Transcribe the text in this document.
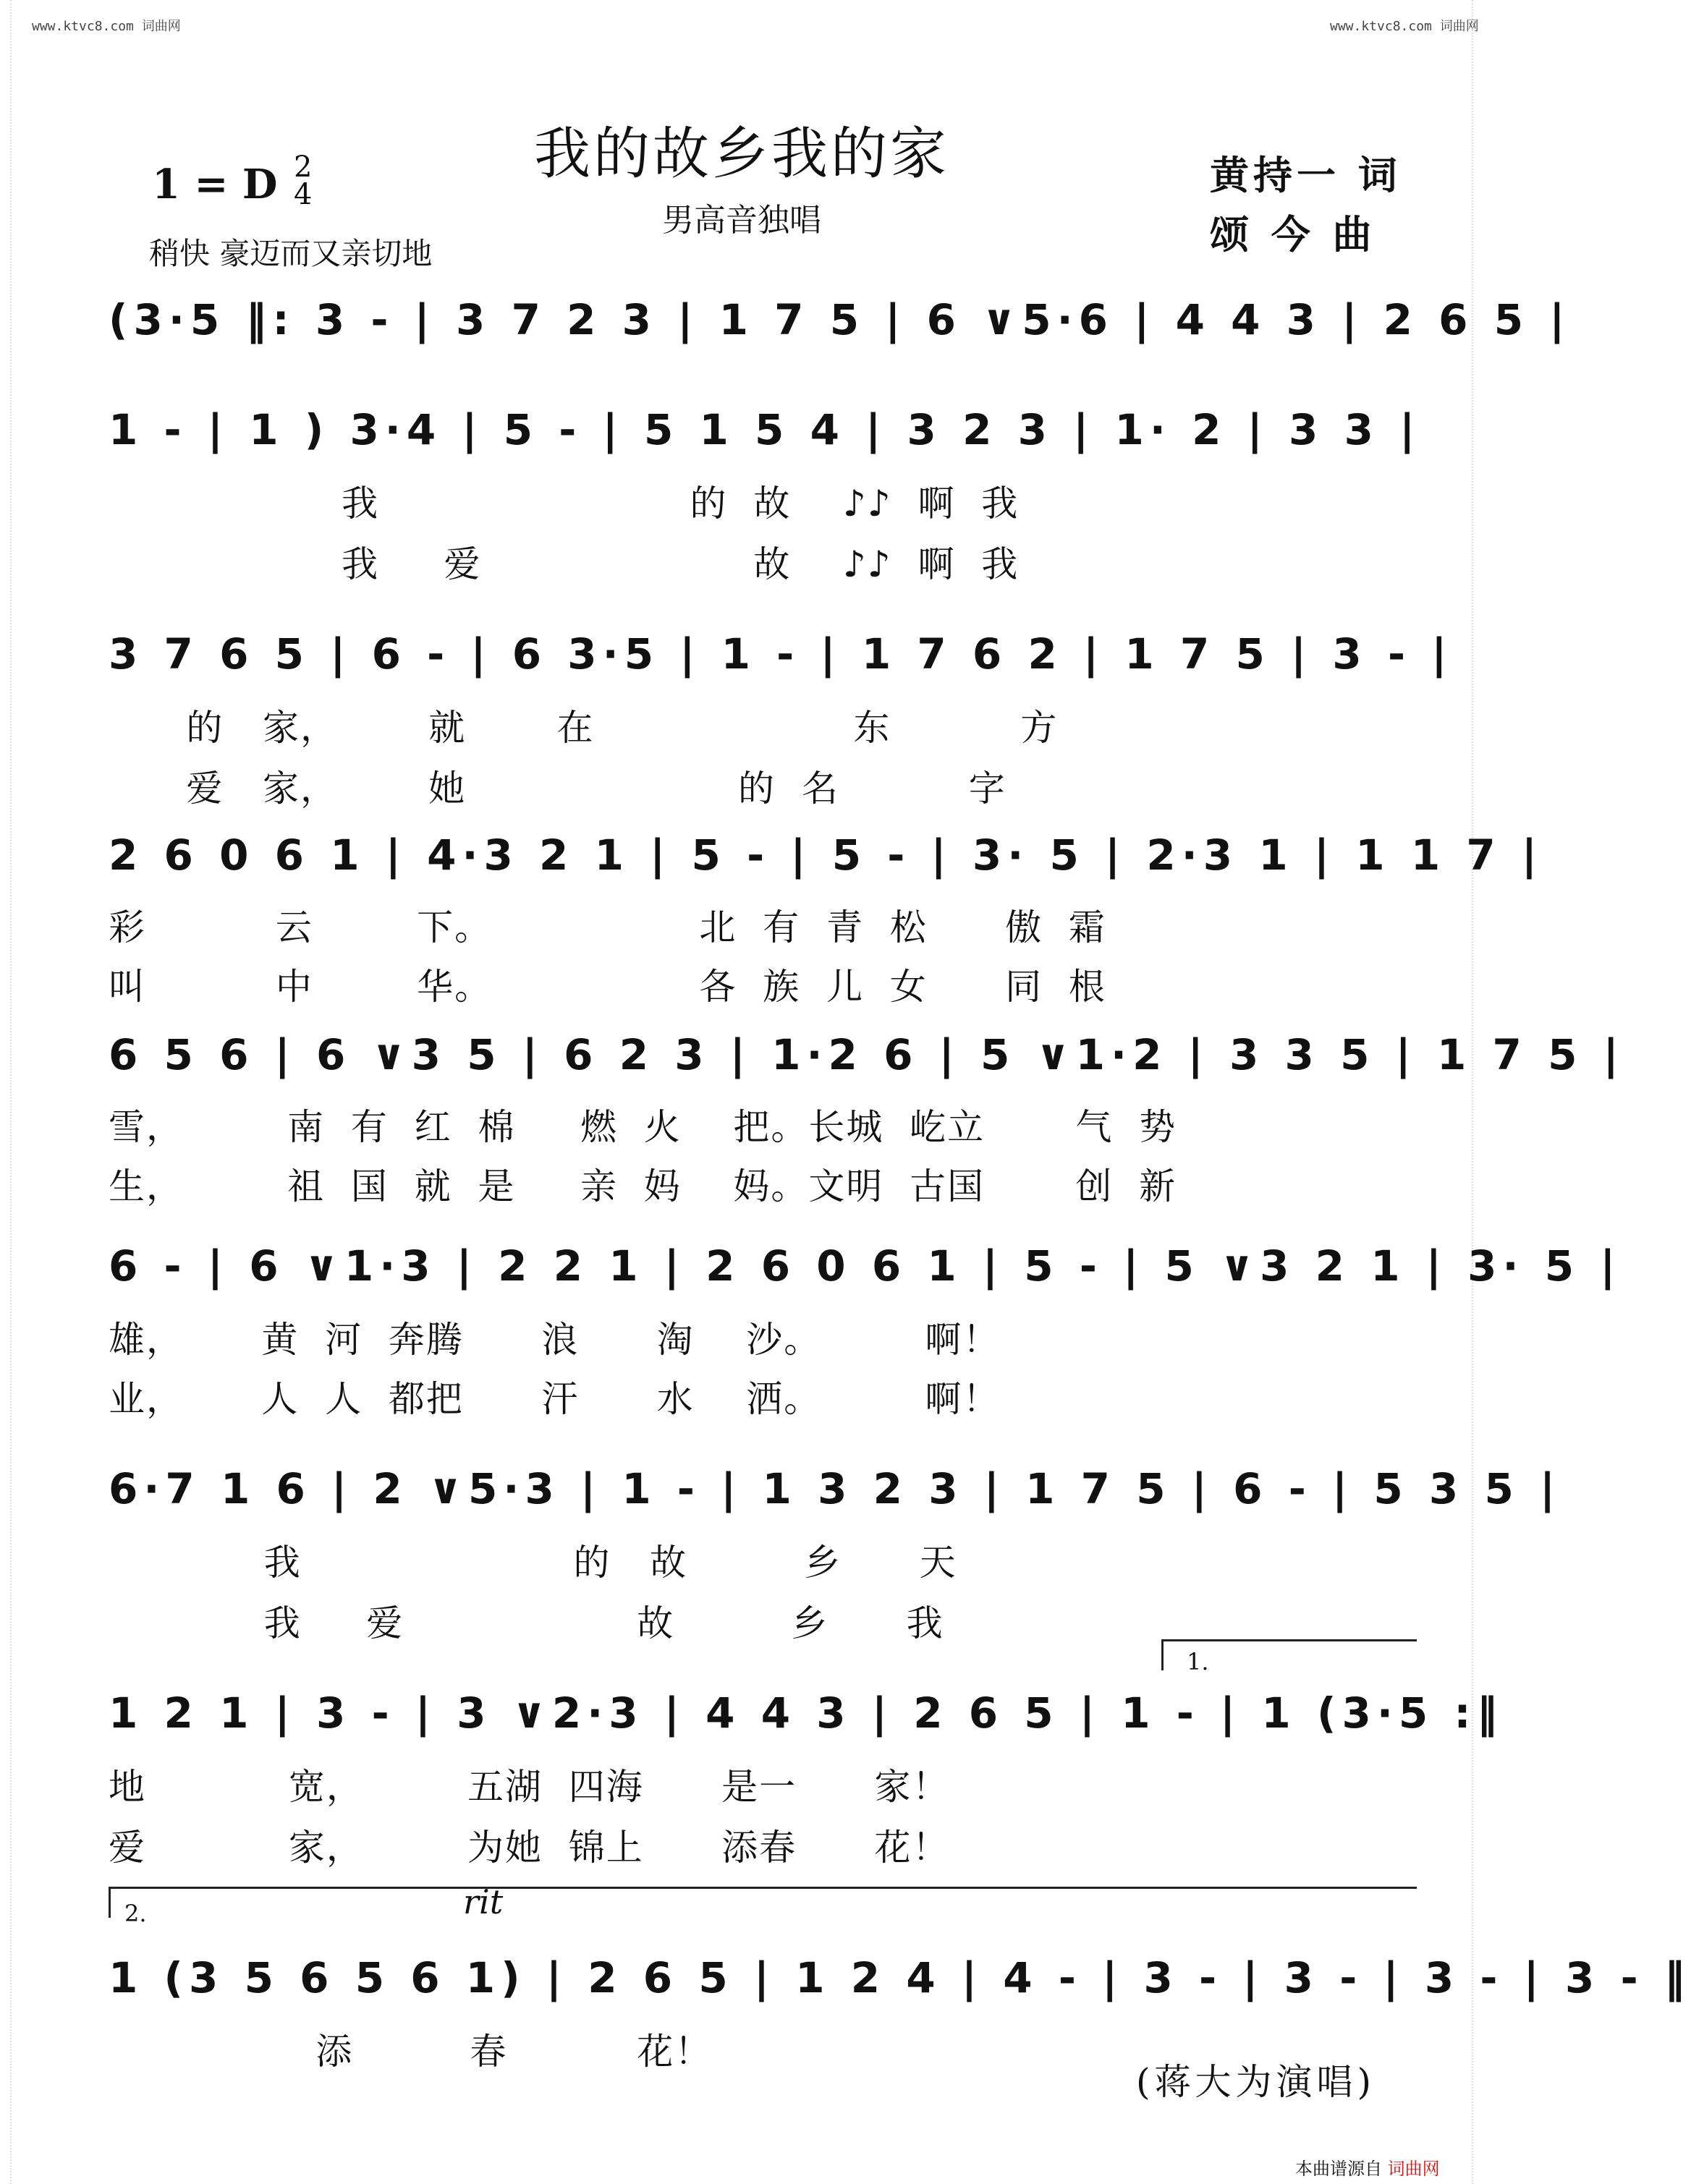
www.ktvc8.com 词曲网	www.ktvc8.com 词曲网
我的故乡我的家
男高音独唱
1 = D 2
4
稍快 豪迈而又亲切地
黄持一 词
颂 今 曲
(3·5 ‖: 3 - | 3 7 2 3 | 1 7 5 | 6 ∨5·6 | 4 4 3 | 2 6 5 |
1 - | 1 ) 3·4 | 5 - | 5 1 5 4 | 3 2 3 | 1· 2 | 3 3 |
我                        的  故    ♪♪  啊  我
我     爱                     故    ♪♪  啊  我
3 7 6 5 | 6 - | 6 3·5 | 1 - | 1 7 6 2 | 1 7 5 | 3 - |
的   家，       就       在                    东          方
爱   家，       她                     的  名          字
2 6 0 6 1 | 4·3 2 1 | 5 - | 5 - | 3· 5 | 2·3 1 | 1 1 7 |
彩          云        下。                北  有  青  松      傲  霜
叫          中        华。                各  族  儿  女      同  根
6 5 6 | 6 ∨3 5 | 6 2 3 | 1·2 6 | 5 ∨1·2 | 3 3 5 | 1 7 5 |
雪，        南  有  红  棉     燃  火    把。长城  屹立       气  势
生，        祖  国  就  是     亲  妈    妈。文明  古国       创  新
6 - | 6 ∨1·3 | 2 2 1 | 2 6 0 6 1 | 5 - | 5 ∨3 2 1 | 3· 5 |
雄，      黄  河  奔腾      浪      淘    沙。        啊！
业，      人  人  都把      汗      水    洒。        啊！
6·7 1 6 | 2 ∨5·3 | 1 - | 1 3 2 3 | 1 7 5 | 6 - | 5 3 5 |
我                     的   故         乡      天
我     爱                  故         乡      我
1.
1 2 1 | 3 - | 3 ∨2·3 | 4 4 3 | 2 6 5 | 1 - | 1 (3·5 :‖
地           宽，        五湖  四海      是一      家！
爱           家，        为她  锦上      添春      花！
2.	rit
1 (3 5 6 5 6 1) | 2 6 5 | 1 2 4 | 4 - | 3 - | 3 - | 3 - | 3 - ‖
添         春          花！
(蒋大为演唱)
本曲谱源自 词曲网
